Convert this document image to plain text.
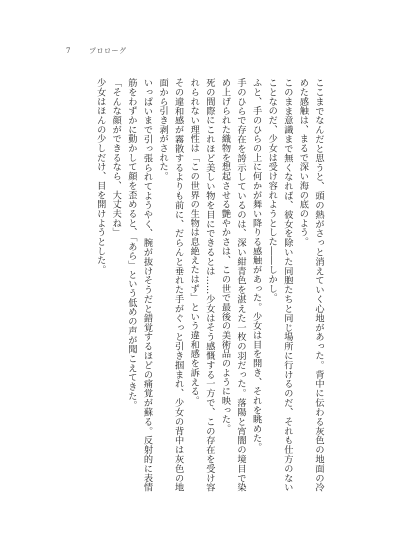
7	プロローグ

ここまでなんだと思うと、頭の熱がさっと消えていく心地があった。背中に伝わる灰色の地面の冷めた感触は、まるで深い海の底のよう。

このまま意識まで無くなれば、彼女を除いた同胞たちと同じ場所に行けるのだ、それも仕方のないことなのだ、少女は受け容れようとした――しかし。

ふと、手のひらの上に何かが舞い降りる感触があった。少女は目を開き、それを眺めた。

手のひらで存在を誇示しているのは、深い紺青色を湛えた一枚の羽だった。落陽と宵闇の境目で染め上げられた織物を想起させる艶やかさは、この世で最後の美術品のように映った。

死の間際にこれほど美しい物を目にできるとは……少女はそう感慨する一方で、この存在を受け容れられない理性は「この世界の生物は息絶えたはず」という違和感を訴える。

その違和感が霧散するよりも前に、だらんと垂れた手がぐっと引き掴まれ、少女の背中は灰色の地面から引き剥がされた。

いっぱいまで引っ張られてようやく、腕が抜けそうだと錯覚するほどの痛覚が蘇る。反射的に表情筋をわずかに動かして顔を歪めると、「あら」という低めの声が聞こえてきた。

「そんな顔ができるなら、大丈夫ね」

少女はほんの少しだけ、目を開けようとした。
